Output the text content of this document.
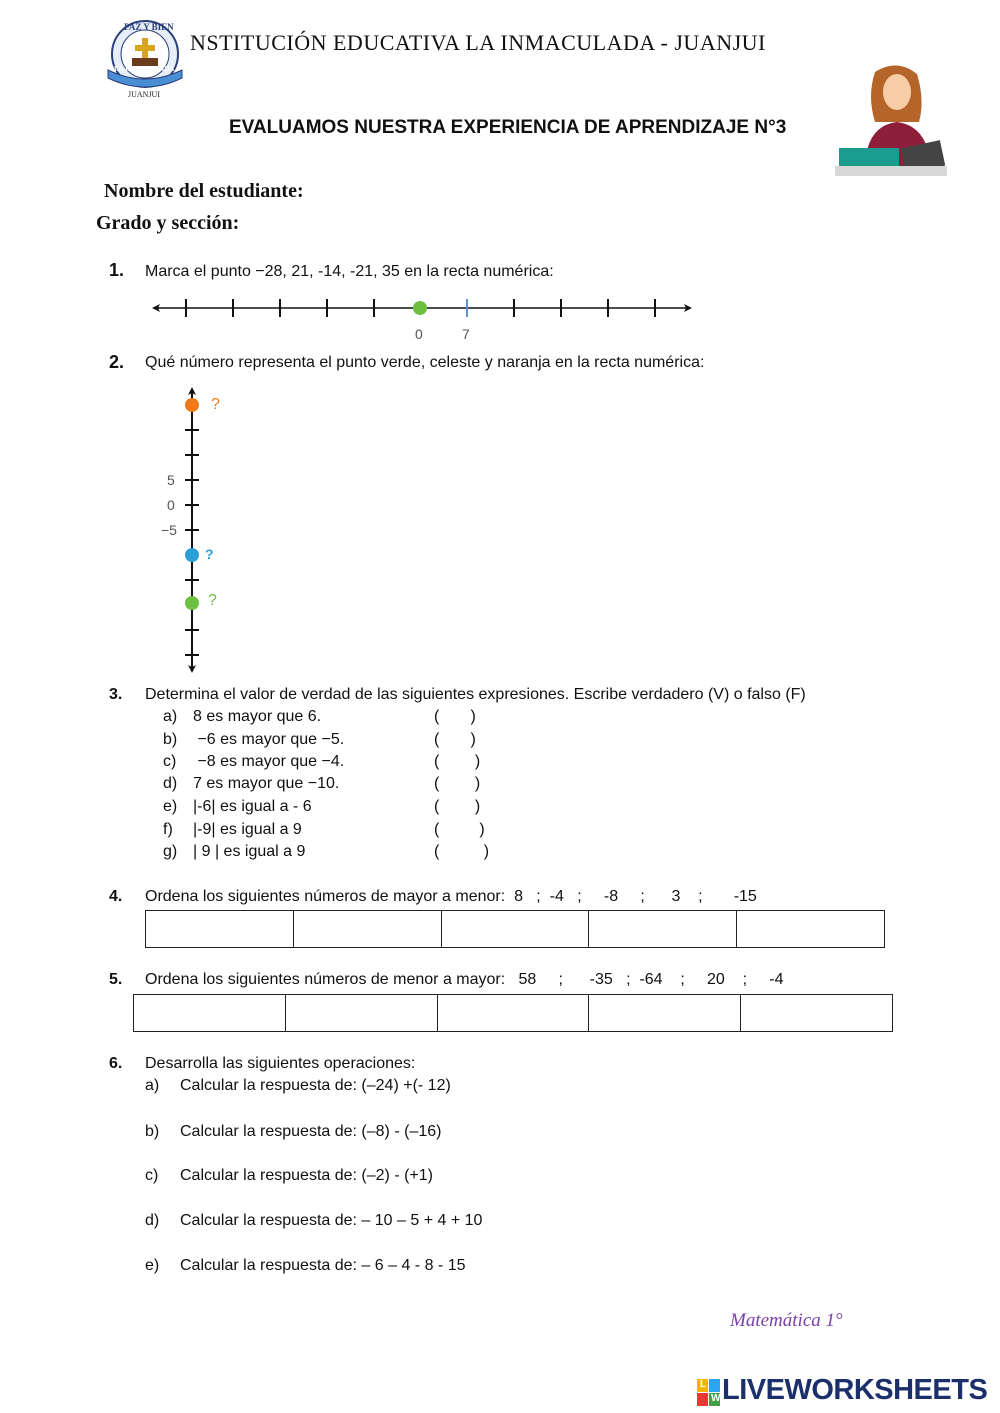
PAZ Y BIEN
LA INMACULADA
JUANJUI
NSTITUCIÓN EDUCATIVA LA INMACULADA - JUANJUI
EVALUAMOS NUESTRA EXPERIENCIA DE APRENDIZAJE N°3
Nombre del estudiante:
Grado y sección:
1. Marca el punto −28, 21, -14, -21, 35 en la recta numérica:
0	7
2. Qué número representa el punto verde, celeste y naranja en la recta numérica:
?
5
0
−5
?
?
3. Determina el valor de verdad de las siguientes expresiones. Escribe verdadero (V) o falso (F)
a) 8 es mayor que 6.	(       )
b) −6 es mayor que −5.	(       )
c) −8 es mayor que −4.	(        )
d) 7 es mayor que −10.	(        )
e) |-6| es igual a - 6	(        )
f) |-9| es igual a 9	(         )
g) | 9 | es igual a 9	(          )
4. Ordena los siguientes números de mayor a menor:  8   ;  -4   ;     -8     ;      3    ;       -15

5. Ordena los siguientes números de menor a mayor:   58     ;      -35   ;  -64    ;     20    ;     -4

6. Desarrolla las siguientes operaciones:
a) Calcular la respuesta de: (–24) +(- 12)
b) Calcular la respuesta de: (–8) - (–16)
c) Calcular la respuesta de: (–2) - (+1)
d) Calcular la respuesta de: – 10 – 5 + 4 + 10
e) Calcular la respuesta de: – 6 – 4 - 8 - 15
Matemática 1°
L
W LIVEWORKSHEETS
